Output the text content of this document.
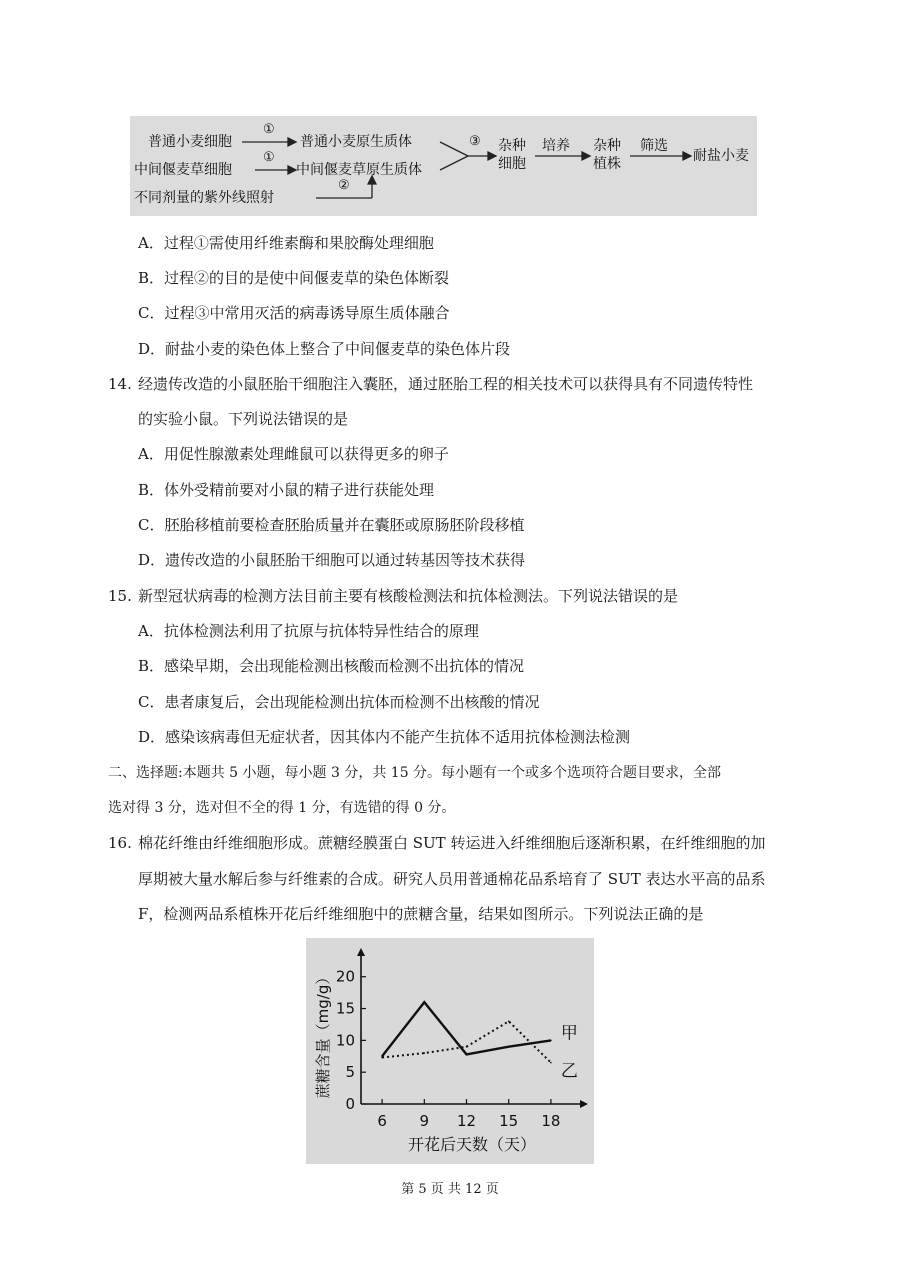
普通小麦细胞
①
普通小麦原生质体
中间偃麦草细胞
①
中间偃麦草原生质体
不同剂量的紫外线照射
②
③ 杂种
细胞
培养 杂种
植株
筛选
耐盐小麦
A．过程①需使用纤维素酶和果胶酶处理细胞
B．过程②的目的是使中间偃麦草的染色体断裂
C．过程③中常用灭活的病毒诱导原生质体融合
D．耐盐小麦的染色体上整合了中间偃麦草的染色体片段
14. 经遗传改造的小鼠胚胎干细胞注入囊胚，通过胚胎工程的相关技术可以获得具有不同遗传特性
的实验小鼠。下列说法错误的是
A．用促性腺激素处理雌鼠可以获得更多的卵子
B．体外受精前要对小鼠的精子进行获能处理
C．胚胎移植前要检查胚胎质量并在囊胚或原肠胚阶段移植
D．遗传改造的小鼠胚胎干细胞可以通过转基因等技术获得
15. 新型冠状病毒的检测方法目前主要有核酸检测法和抗体检测法。下列说法错误的是
A．抗体检测法利用了抗原与抗体特异性结合的原理
B．感染早期，会出现能检测出核酸而检测不出抗体的情况
C．患者康复后，会出现能检测出抗体而检测不出核酸的情况
D．感染该病毒但无症状者，因其体内不能产生抗体不适用抗体检测法检测
二、选择题:本题共 5 小题，每小题 3 分，共 15 分。每小题有一个或多个选项符合题目要求，全部
选对得 3 分，选对但不全的得 1 分，有选错的得 0 分。
16. 棉花纤维由纤维细胞形成。蔗糖经膜蛋白 SUT 转运进入纤维细胞后逐渐积累，在纤维细胞的加
厚期被大量水解后参与纤维素的合成。研究人员用普通棉花品系培育了 SUT 表达水平高的品系
F，检测两品系植株开花后纤维细胞中的蔗糖含量，结果如图所示。下列说法正确的是
0
5
10
15
20
6 9 12 15 18
甲
乙
蔗糖含量（mg/g）
开花后天数（天）
第 5 页 共 12 页
